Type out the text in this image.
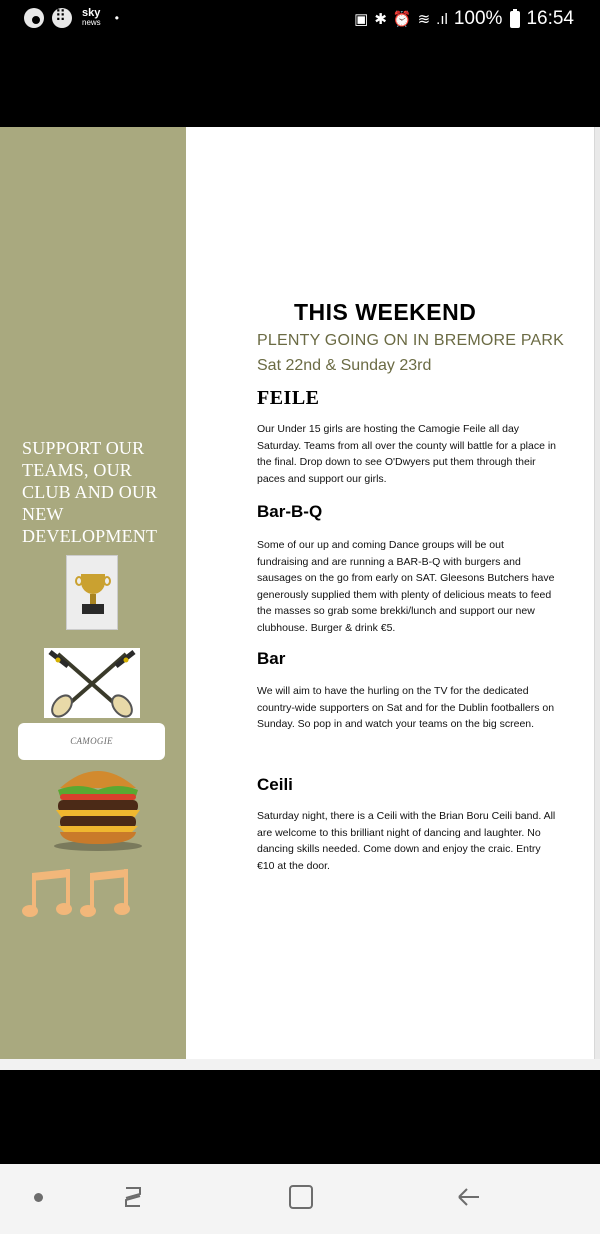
⠿
sky
news •	▣ ✱ ⏰ ≋ .ıl 100% 16:54
SUPPORT OUR TEAMS, OUR CLUB AND OUR NEW DEVELOPMENT
CAMOGIE
THIS WEEKEND
PLENTY GOING ON IN BREMORE PARK
Sat 22nd & Sunday 23rd
FEILE
Our Under 15 girls are hosting the Camogie Feile all day Saturday. Teams from all over the county will battle for a place in the final. Drop down to see O'Dwyers put them through their paces and support our girls.
Bar-B-Q
Some of our up and coming Dance groups will be out fundraising and are running a BAR-B-Q with burgers and sausages on the go from early on SAT. Gleesons Butchers have generously supplied them with plenty of delicious meats to feed the masses so grab some brekki/lunch and support our new clubhouse. Burger & drink €5.
Bar
We will aim to have the hurling on the TV for the dedicated country-wide supporters on Sat and for the Dublin footballers on Sunday. So pop in and watch your teams on the big screen.
Ceili
Saturday night, there is a Ceili with the Brian Boru Ceili band. All are welcome to this brilliant night of dancing and laughter. No dancing skills needed. Come down and enjoy the craic. Entry €10 at the door.
